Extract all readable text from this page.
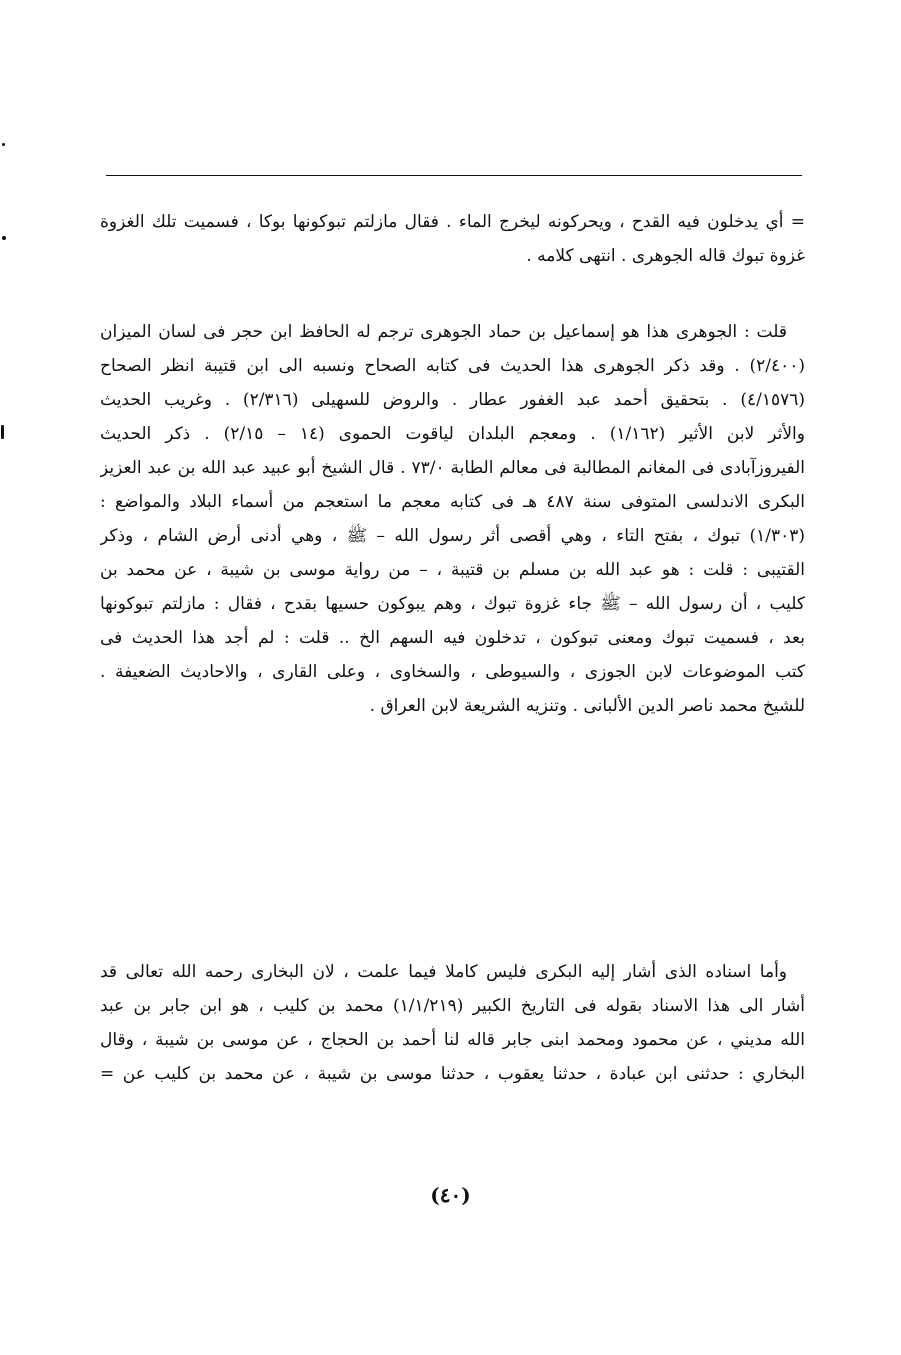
= أي يدخلون فيه القدح ، ويحركونه ليخرج الماء . فقال مازلتم تبوكونها بوكا ، فسميت تلك الغزوة
غزوة تبوك قاله الجوهرى . انتهى كلامه .
قلت : الجوهرى هذا هو إسماعيل بن حماد الجوهرى ترجم له الحافظ ابن حجر فى لسان الميزان
(٢/٤٠٠) . وقد ذكر الجوهرى هذا الحديث فى كتابه الصحاح ونسبه الى ابن قتيبة انظر الصحاح
(٤/١٥٧٦) . بتحقيق أحمد عبد الغفور عطار . والروض للسهيلى (٢/٣١٦) . وغريب الحديث
والأثر لابن الأثير (١/١٦٢) . ومعجم البلدان لياقوت الحموى (١٤ – ٢/١٥) . ذكر الحديث
الفيروزآبادى فى المغانم المطالبة فى معالم الطابة ٧٣/٠ . قال الشيخ أبو عبيد عبد الله بن عبد العزيز
البكرى الاندلسى المتوفى سنة ٤٨٧ هـ فى كتابه معجم ما استعجم من أسماء البلاد والمواضع :
(١/٣٠٣) تبوك ، بفتح التاء ، وهي أقصى أثر رسول الله – ﷺ ، وهي أدنى أرض الشام ، وذكر
القتيبى : قلت : هو عبد الله بن مسلم بن قتيبة ، – من رواية موسى بن شيبة ، عن محمد بن
كليب ، أن رسول الله – ﷺ جاء غزوة تبوك ، وهم يبوكون حسيها بقدح ، فقال : مازلتم تبوكونها
بعد ، فسميت تبوك ومعنى تبوكون ، تدخلون فيه السهم الخ .. قلت : لم أجد هذا الحديث فى
كتب الموضوعات لابن الجوزى ، والسيوطى ، والسخاوى ، وعلى القارى ، والاحاديث الضعيفة .
للشيخ محمد ناصر الدين الألبانى . وتنزيه الشريعة لابن العراق .
وأما اسناده الذى أشار إليه البكرى فليس كاملا فيما علمت ، لان البخارى رحمه الله تعالى قد
أشار الى هذا الاسناد بقوله فى التاريخ الكبير (١/١/٢١٩) محمد بن كليب ، هو ابن جابر بن عبد
الله مديني ، عن محمود ومحمد ابنى جابر قاله لنا أحمد بن الحجاج ، عن موسى بن شيبة ، وقال
البخاري : حدثنى ابن عبادة ، حدثنا يعقوب ، حدثنا موسى بن شيبة ، عن محمد بن كليب عن =
(٤٠)
